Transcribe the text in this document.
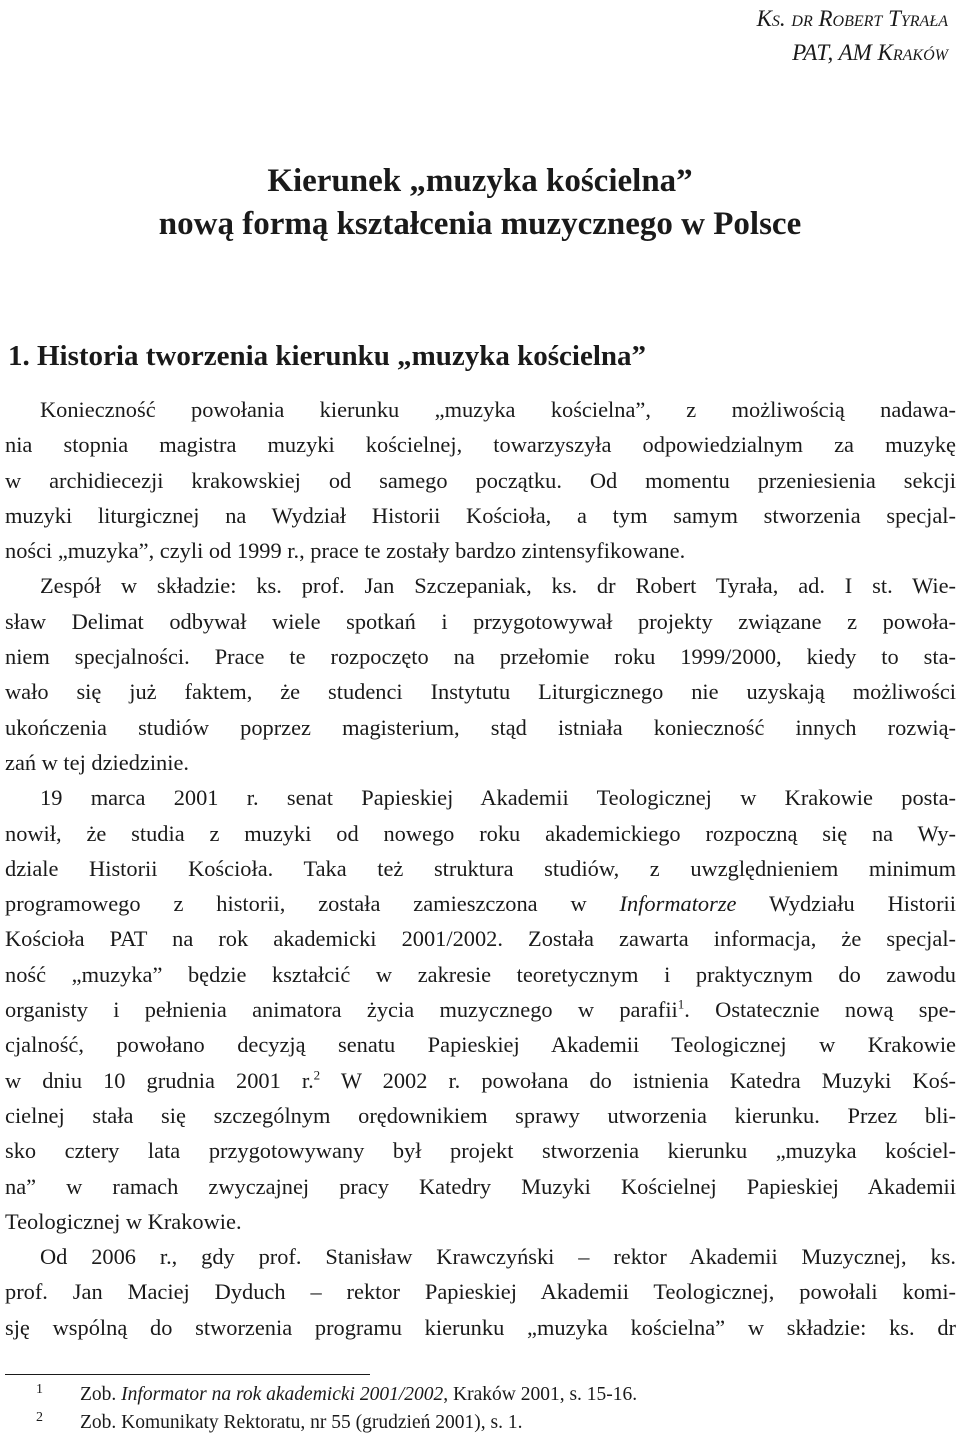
Ks. dr Robert Tyrała
PAT, AM Kraków
Kierunek „muzyka kościelna”
nową formą kształcenia muzycznego w Polsce
1. Historia tworzenia kierunku „muzyka kościelna”
Konieczność powołania kierunku „muzyka kościelna”, z możliwością nadawa-
nia stopnia magistra muzyki kościelnej, towarzyszyła odpowiedzialnym za muzykę
w archidiecezji krakowskiej od samego początku. Od momentu przeniesienia sekcji
muzyki liturgicznej na Wydział Historii Kościoła, a tym samym stworzenia specjal-
ności „muzyka”, czyli od 1999 r., prace te zostały bardzo zintensyfikowane.
Zespół w składzie: ks. prof. Jan Szczepaniak, ks. dr Robert Tyrała, ad. I st. Wie-
sław Delimat odbywał wiele spotkań i przygotowywał projekty związane z powoła-
niem specjalności. Prace te rozpoczęto na przełomie roku 1999/2000, kiedy to sta-
wało się już faktem, że studenci Instytutu Liturgicznego nie uzyskają możliwości
ukończenia studiów poprzez magisterium, stąd istniała konieczność innych rozwią-
zań w tej dziedzinie.
19 marca 2001 r. senat Papieskiej Akademii Teologicznej w Krakowie posta-
nowił, że studia z muzyki od nowego roku akademickiego rozpoczną się na Wy-
dziale Historii Kościoła. Taka też struktura studiów, z uwzględnieniem minimum
programowego z historii, została zamieszczona w Informatorze Wydziału Historii
Kościoła PAT na rok akademicki 2001/2002. Została zawarta informacja, że specjal-
ność „muzyka” będzie kształcić w zakresie teoretycznym i praktycznym do zawodu
organisty i pełnienia animatora życia muzycznego w parafii$^1$. Ostatecznie nową spe-
cjalność, powołano decyzją senatu Papieskiej Akademii Teologicznej w Krakowie
w dniu 10 grudnia 2001 r.$^2$ W 2002 r. powołana do istnienia Katedra Muzyki Koś-
cielnej stała się szczególnym orędownikiem sprawy utworzenia kierunku. Przez bli-
sko cztery lata przygotowywany był projekt stworzenia kierunku „muzyka kościel-
na” w ramach zwyczajnej pracy Katedry Muzyki Kościelnej Papieskiej Akademii
Teologicznej w Krakowie.
Od 2006 r., gdy prof. Stanisław Krawczyński – rektor Akademii Muzycznej, ks.
prof. Jan Maciej Dyduch – rektor Papieskiej Akademii Teologicznej, powołali komi-
sję wspólną do stworzenia programu kierunku „muzyka kościelna” w składzie: ks. dr
1 Zob. Informator na rok akademicki 2001/2002, Kraków 2001, s. 15-16.
2 Zob. Komunikaty Rektoratu, nr 55 (grudzień 2001), s. 1.
